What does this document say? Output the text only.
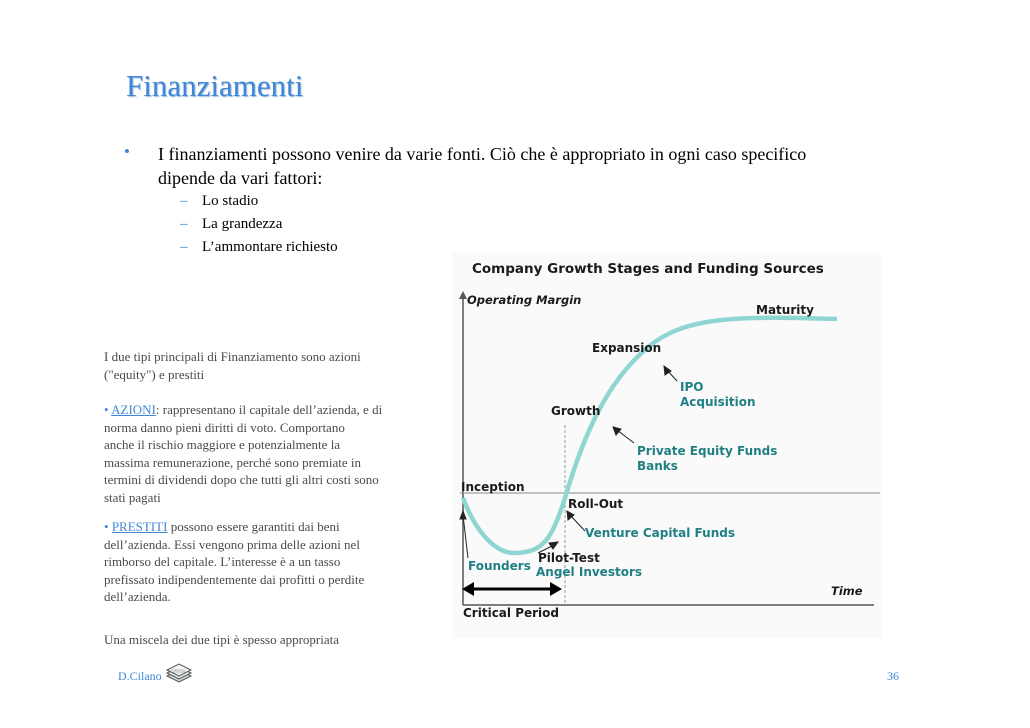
Finanziamenti
• I finanziamenti possono venire da varie fonti. Ciò che è appropriato in ogni caso specifico
dipende da vari fattori:
– Lo stadio
– La grandezza
– L’ammontare richiesto
I due tipi principali di Finanziamento sono azioni
("equity") e prestiti
• AZIONI: rappresentano il capitale dell’azienda, e di
norma danno pieni diritti di voto. Comportano
anche il rischio maggiore e potenzialmente la
massima remunerazione, perché sono premiate in
termini di dividendi dopo che tutti gli altri costi sono
stati pagati
• PRESTITI possono essere garantiti dai beni
dell’azienda. Essi vengono prima delle azioni nel
rimborso del capitale. L’interesse è a un tasso
prefissato indipendentemente dai profitti o perdite
dell’azienda.
Una miscela dei due tipi è spesso appropriata
Company Growth Stages and Funding Sources
Operating Margin
Time
Inception
Pilot-Test
Roll-Out
Growth
Expansion
Maturity
Founders Angel Investors
Venture Capital Funds
Private Equity Funds
Banks
IPO
Acquisition
Critical Period
D.Cilano	36
